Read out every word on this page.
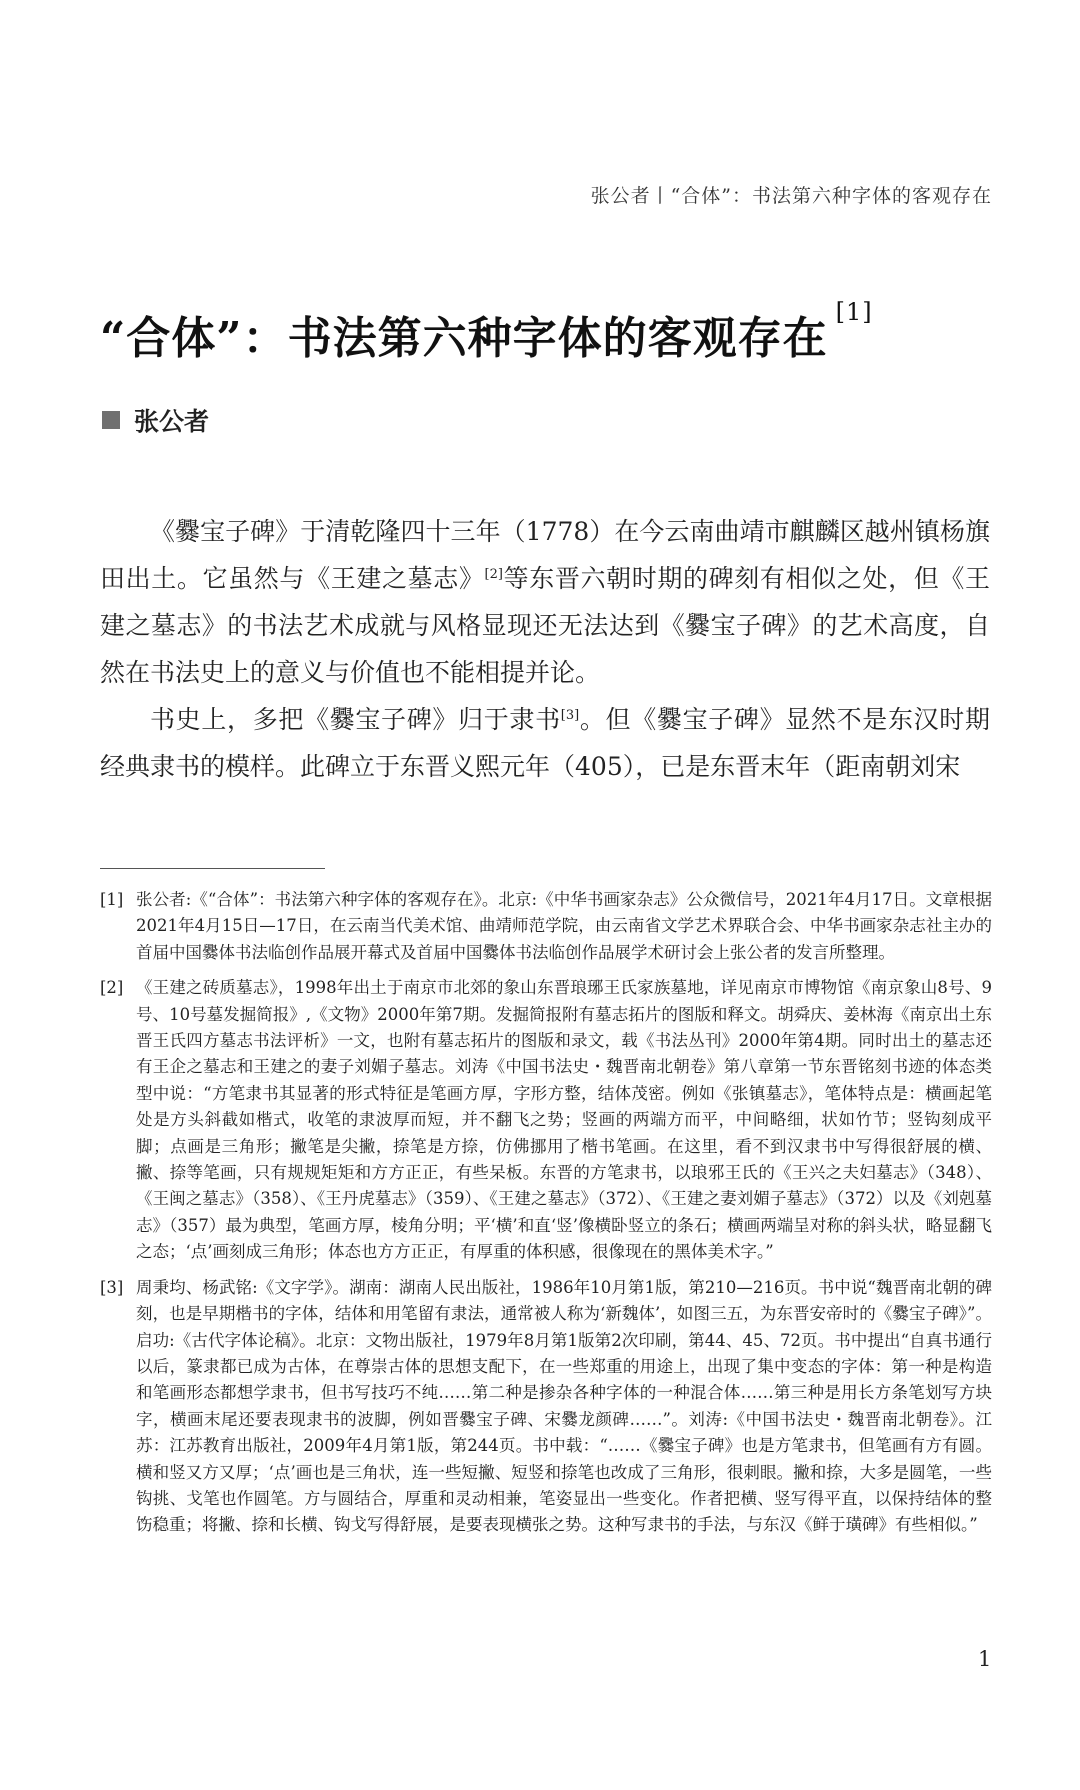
张公者丨“合体”：书法第六种字体的客观存在
“合体”：书法第六种字体的客观存在[1]
张公者

《爨宝子碑》于清乾隆四十三年（1778）在今云南曲靖市麒麟区越州镇杨旗田出土。它虽然与《王建之墓志》[2]等东晋六朝时期的碑刻有相似之处，但《王建之墓志》的书法艺术成就与风格显现还无法达到《爨宝子碑》的艺术高度，自然在书法史上的意义与价值也不能相提并论。

书史上，多把《爨宝子碑》归于隶书[3]。但《爨宝子碑》显然不是东汉时期经典隶书的模样。此碑立于东晋义熙元年（405），已是东晋末年（距南朝刘宋

[1] 张公者:《“合体”：书法第六种字体的客观存在》。北京:《中华书画家杂志》公众微信号，2021年4月17日。文章根据2021年4月15日—17日，在云南当代美术馆、曲靖师范学院，由云南省文学艺术界联合会、中华书画家杂志社主办的首届中国爨体书法临创作品展开幕式及首届中国爨体书法临创作品展学术研讨会上张公者的发言所整理。
[2] 《王建之砖质墓志》，1998年出土于南京市北郊的象山东晋琅琊王氏家族墓地，详见南京市博物馆《南京象山8号、9号、10号墓发掘简报》,《文物》2000年第7期。发掘简报附有墓志拓片的图版和释文。胡舜庆、姜林海《南京出土东晋王氏四方墓志书法评析》一文，也附有墓志拓片的图版和录文，载《书法丛刊》2000年第4期。同时出土的墓志还有王企之墓志和王建之的妻子刘媚子墓志。刘涛《中国书法史・魏晋南北朝卷》第八章第一节东晋铭刻书迹的体态类型中说：“方笔隶书其显著的形式特征是笔画方厚，字形方整，结体茂密。例如《张镇墓志》，笔体特点是：横画起笔处是方头斜截如楷式，收笔的隶波厚而短，并不翻飞之势；竖画的两端方而平，中间略细，状如竹节；竖钩刻成平脚；点画是三角形；撇笔是尖撇，捺笔是方捺，仿佛挪用了楷书笔画。在这里，看不到汉隶书中写得很舒展的横、撇、捺等笔画，只有规规矩矩和方方正正，有些呆板。东晋的方笔隶书，以琅邪王氏的《王兴之夫妇墓志》（348）、《王闽之墓志》（358）、《王丹虎墓志》（359）、《王建之墓志》（372）、《王建之妻刘媚子墓志》（372）以及《刘剋墓志》（357）最为典型，笔画方厚，棱角分明；平‘横’和直‘竖’像横卧竖立的条石；横画两端呈对称的斜头状，略显翻飞之态；‘点’画刻成三角形；体态也方方正正，有厚重的体积感，很像现在的黑体美术字。”
[3] 周秉均、杨武铭:《文字学》。湖南：湖南人民出版社，1986年10月第1版，第210—216页。书中说“魏晋南北朝的碑刻，也是早期楷书的字体，结体和用笔留有隶法，通常被人称为‘新魏体’，如图三五，为东晋安帝时的《爨宝子碑》”。启功:《古代字体论稿》。北京：文物出版社，1979年8月第1版第2次印刷，第44、45、72页。书中提出“自真书通行以后，篆隶都已成为古体，在尊崇古体的思想支配下，在一些郑重的用途上，出现了集中变态的字体：第一种是构造和笔画形态都想学隶书，但书写技巧不纯……第二种是掺杂各种字体的一种混合体……第三种是用长方条笔划写方块字，横画末尾还要表现隶书的波脚，例如晋爨宝子碑、宋爨龙颜碑……”。刘涛:《中国书法史・魏晋南北朝卷》。江苏：江苏教育出版社，2009年4月第1版，第244页。书中载：“……《爨宝子碑》也是方笔隶书，但笔画有方有圆。横和竖又方又厚；‘点’画也是三角状，连一些短撇、短竖和捺笔也改成了三角形，很刺眼。撇和捺，大多是圆笔，一些钩挑、戈笔也作圆笔。方与圆结合，厚重和灵动相兼，笔姿显出一些变化。作者把横、竖写得平直，以保持结体的整饬稳重；将撇、捺和长横、钩戈写得舒展，是要表现横张之势。这种写隶书的手法，与东汉《鲜于璜碑》有些相似。”
1
